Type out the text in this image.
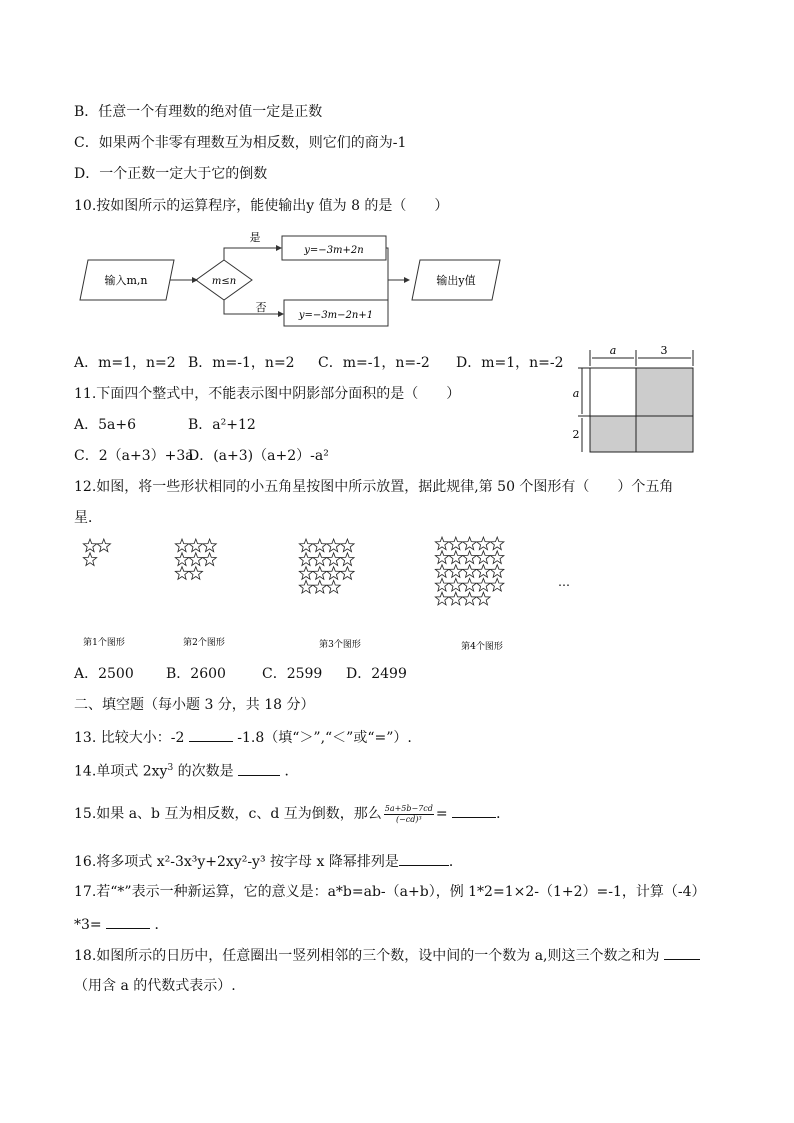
B．任意一个有理数的绝对值一定是正数
C．如果两个非零有理数互为相反数，则它们的商为-1
D．一个正数一定大于它的倒数
10.按如图所示的运算程序，能使输出y 值为 8 的是（　　）
输入m,n	m≤n
是
y=−3m+2n
否
y=−3m−2n+1
输出y值
A．m=1，n=2 B．m=-1，n=2 C．m=-1，n=-2 D．m=1，n=-2
a	3
a
2
11.下面四个整式中，不能表示图中阴影部分面积的是（　　）
A．5a+6	B．a²+12
C．2（a+3）+3a
D．(a+3)（a+2）-a²
12.如图，将一些形状相同的小五角星按图中所示放置，据此规律,第 50 个图形有（　　）个五角
星．
第1个图形	第2个图形	第3个图形	第4个图形
…
A．2500 B．2600	C．2599 D．2499
二、填空题（每小题 3 分，共 18 分）
13. 比较大小：-2	-1.8（填“＞”,“＜”或“=”）.
14.单项式 $2xy^3$ 的次数是	．
15.如果 a、b 互为相反数，c、d 互为倒数，那么 $\frac{5a+5b-7cd}{\text{(−cd)³}}$ =	．
16.将多项式 x²-3x³y+2xy²-y³ 按字母 x 降幂排列是	．
17.若“*”表示一种新运算，它的意义是：a*b=ab-（a+b），例 1*2=1×2-（1+2）=-1，计算（-4）
*3=	．
18.如图所示的日历中，任意圈出一竖列相邻的三个数，设中间的一个数为 a,则这三个数之和为
（用含 a 的代数式表示）.
